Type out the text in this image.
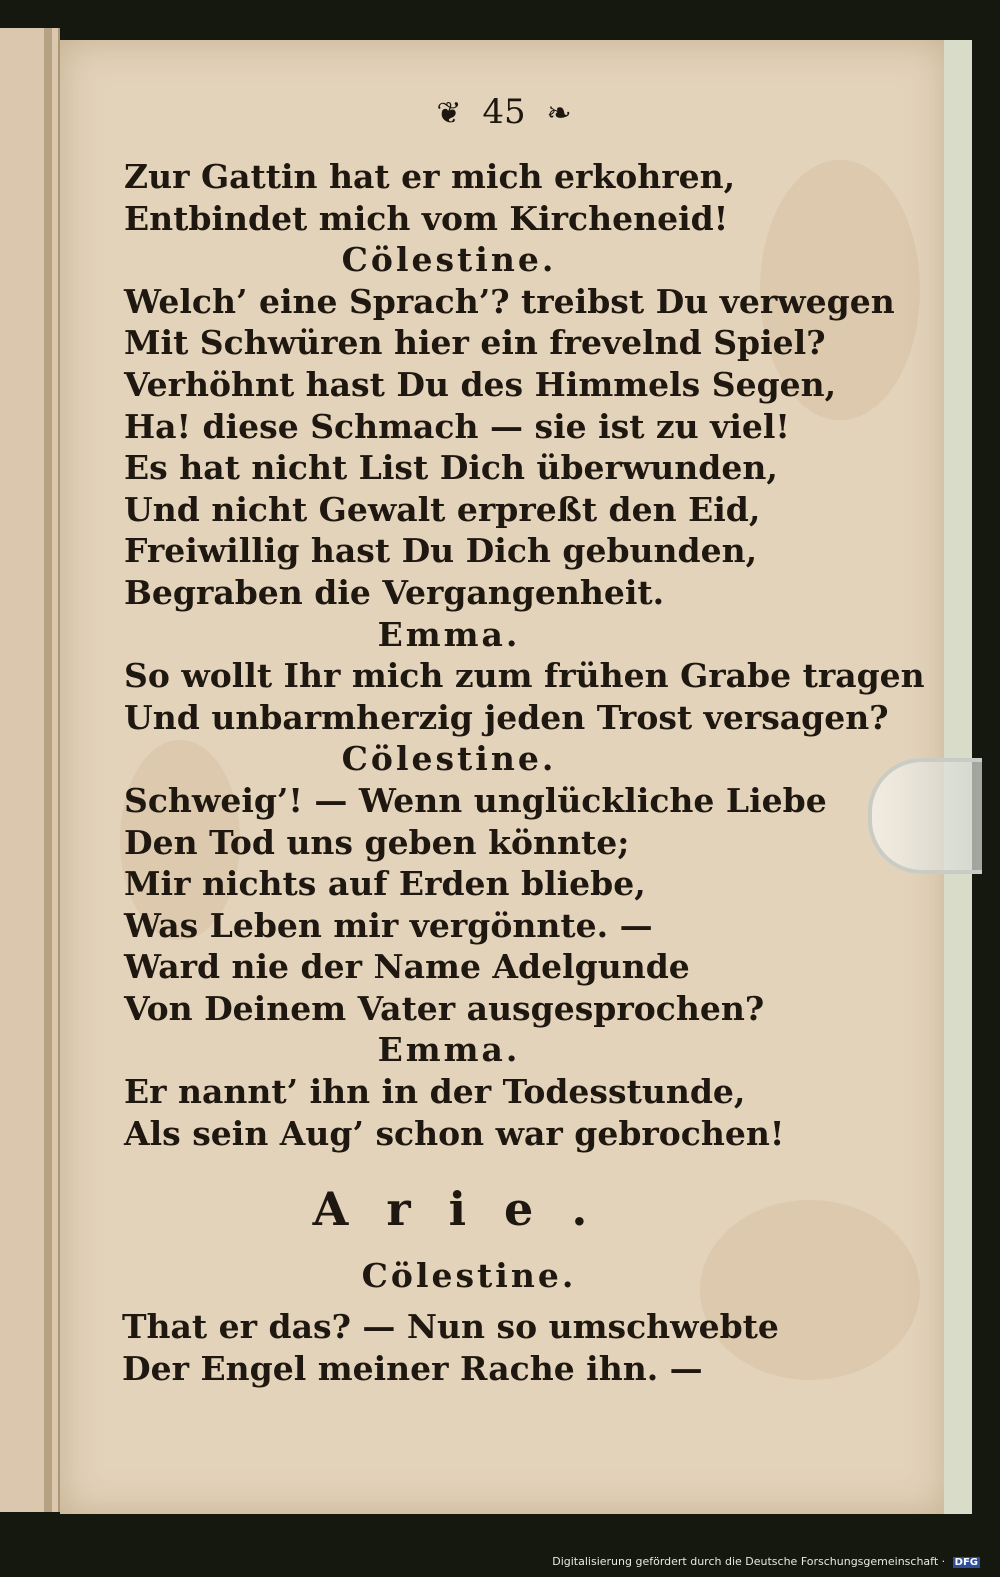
❦ 45 ❧
Zur Gattin hat er mich erkohren,
Entbindet mich vom Kircheneid!
Cölestine.
Welch’ eine Sprach’? treibst Du verwegen
Mit Schwüren hier ein frevelnd Spiel?
Verhöhnt hast Du des Himmels Segen,
Ha! diese Schmach — sie ist zu viel!
Es hat nicht List Dich überwunden,
Und nicht Gewalt erpreßt den Eid,
Freiwillig hast Du Dich gebunden,
Begraben die Vergangenheit.
Emma.
So wollt Ihr mich zum frühen Grabe tragen
Und unbarmherzig jeden Trost versagen?
Cölestine.
Schweig’! — Wenn unglückliche Liebe
Den Tod uns geben könnte;
Mir nichts auf Erden bliebe,
Was Leben mir vergönnte. —
Ward nie der Name Adelgunde
Von Deinem Vater ausgesprochen?
Emma.
Er nannt’ ihn in der Todesstunde,
Als sein Aug’ schon war gebrochen!
Arie.
Cölestine.
That er das? — Nun so umschwebte
Der Engel meiner Rache ihn. —
Digitalisierung gefördert durch die Deutsche Forschungsgemeinschaft · DFG
